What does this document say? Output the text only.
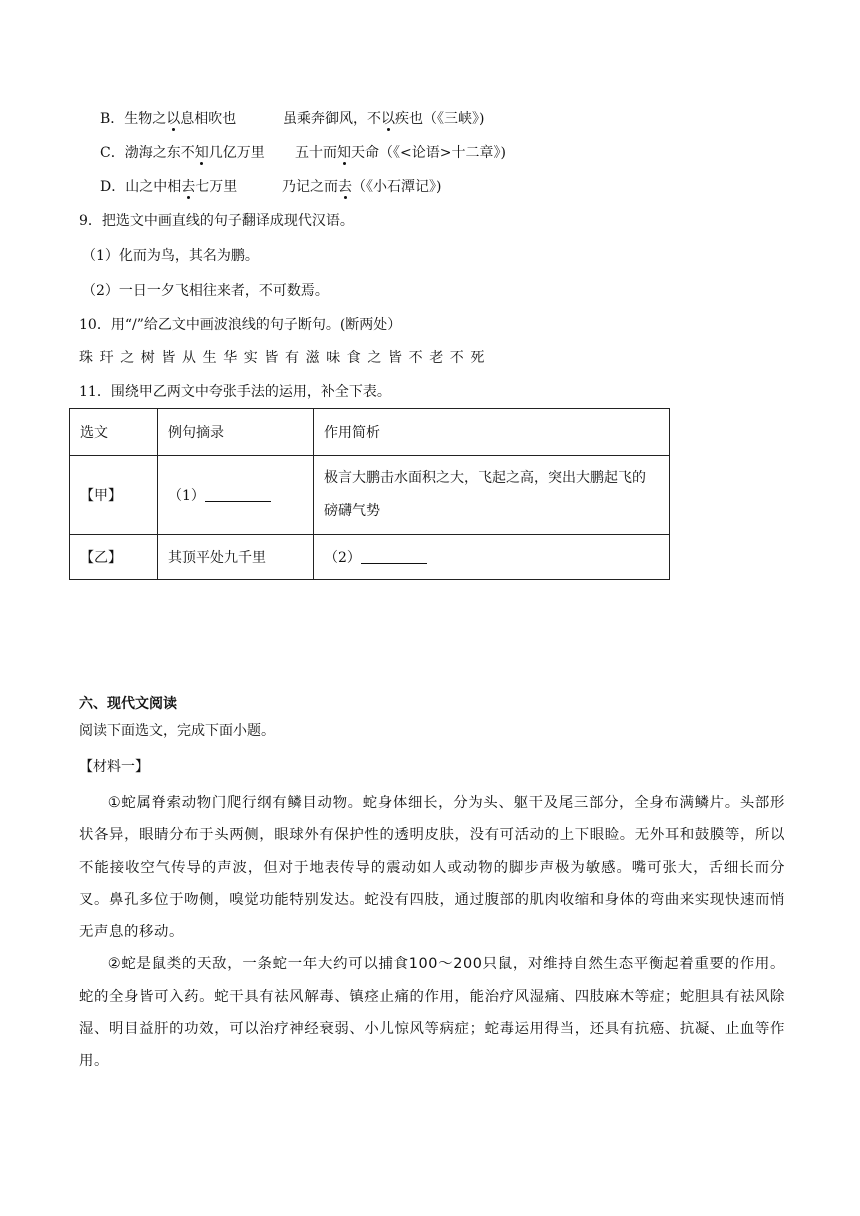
B．生物之以息相吹也	虽乘奔御风，不以疾也（《三峡》)
C．渤海之东不知几亿万里 五十而知天命（《<论语>十二章》)
D．山之中相去七万里	乃记之而去（《小石潭记》)
9．把选文中画直线的句子翻译成现代汉语。
（1）化而为鸟，其名为鹏。
（2）一日一夕飞相往来者，不可数焉。
10．用“/”给乙文中画波浪线的句子断句。(断两处）
珠玕之树皆从生华实皆有滋味食之皆不老不死
11．围绕甲乙两文中夸张手法的运用，补全下表。
选文	例句摘录	作用简析
【甲】	（1）	极言大鹏击水面积之大，飞起之高，突出大鹏起飞的磅礴气势
【乙】	其顶平处九千里	（2）
六、现代文阅读
阅读下面选文，完成下面小题。
【材料一】

①蛇属脊索动物门爬行纲有鳞目动物。蛇身体细长，分为头、躯干及尾三部分，全身布满鳞片。头部形状各异，眼睛分布于头两侧，眼球外有保护性的透明皮肤，没有可活动的上下眼睑。无外耳和鼓膜等，所以不能接收空气传导的声波，但对于地表传导的震动如人或动物的脚步声极为敏感。嘴可张大，舌细长而分叉。鼻孔多位于吻侧，嗅觉功能特别发达。蛇没有四肢，通过腹部的肌肉收缩和身体的弯曲来实现快速而悄无声息的移动。

②蛇是鼠类的天敌，一条蛇一年大约可以捕食100～200只鼠，对维持自然生态平衡起着重要的作用。蛇的全身皆可入药。蛇干具有祛风解毒、镇痉止痛的作用，能治疗风湿痛、四肢麻木等症；蛇胆具有祛风除湿、明目益肝的功效，可以治疗神经衰弱、小儿惊风等病症；蛇毒运用得当，还具有抗癌、抗凝、止血等作用。
